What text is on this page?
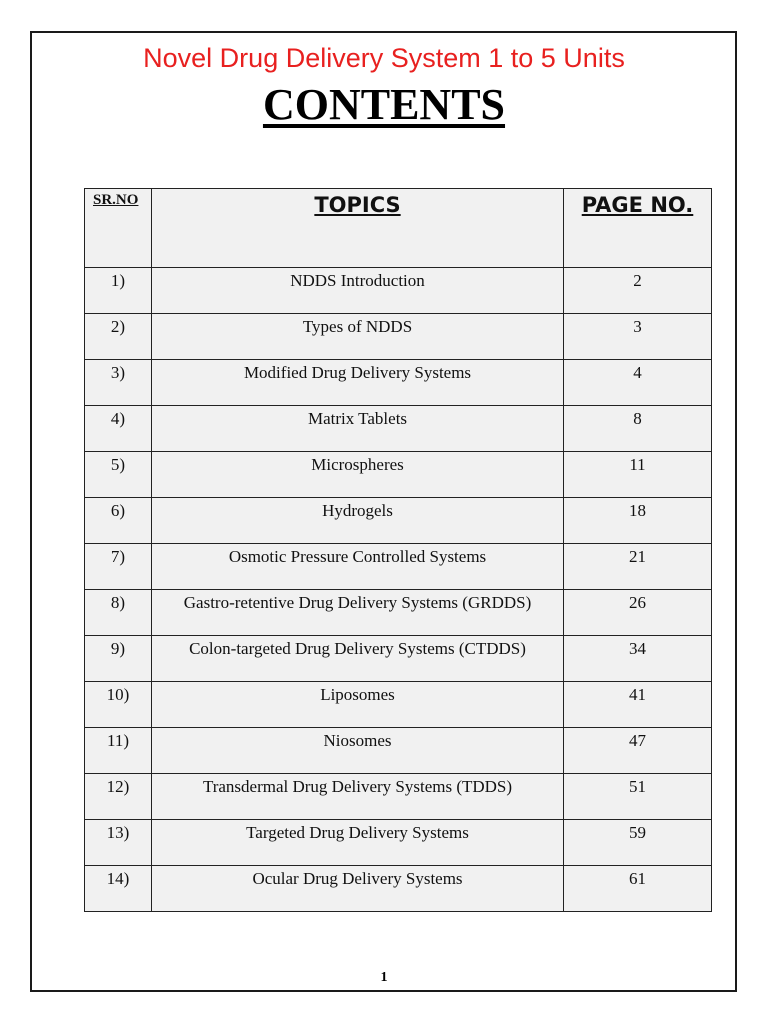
Novel Drug Delivery System 1 to 5 Units
CONTENTS
SR.NO	TOPICS	PAGE NO.
1)	NDDS Introduction	2
2)	Types of NDDS	3
3)	Modified Drug Delivery Systems	4
4)	Matrix Tablets	8
5)	Microspheres	11
6)	Hydrogels	18
7)	Osmotic Pressure Controlled Systems	21
8)	Gastro-retentive Drug Delivery Systems (GRDDS)	26
9)	Colon-targeted Drug Delivery Systems (CTDDS)	34
10)	Liposomes	41
11)	Niosomes	47
12)	Transdermal Drug Delivery Systems (TDDS)	51
13)	Targeted Drug Delivery Systems	59
14)	Ocular Drug Delivery Systems	61
1
